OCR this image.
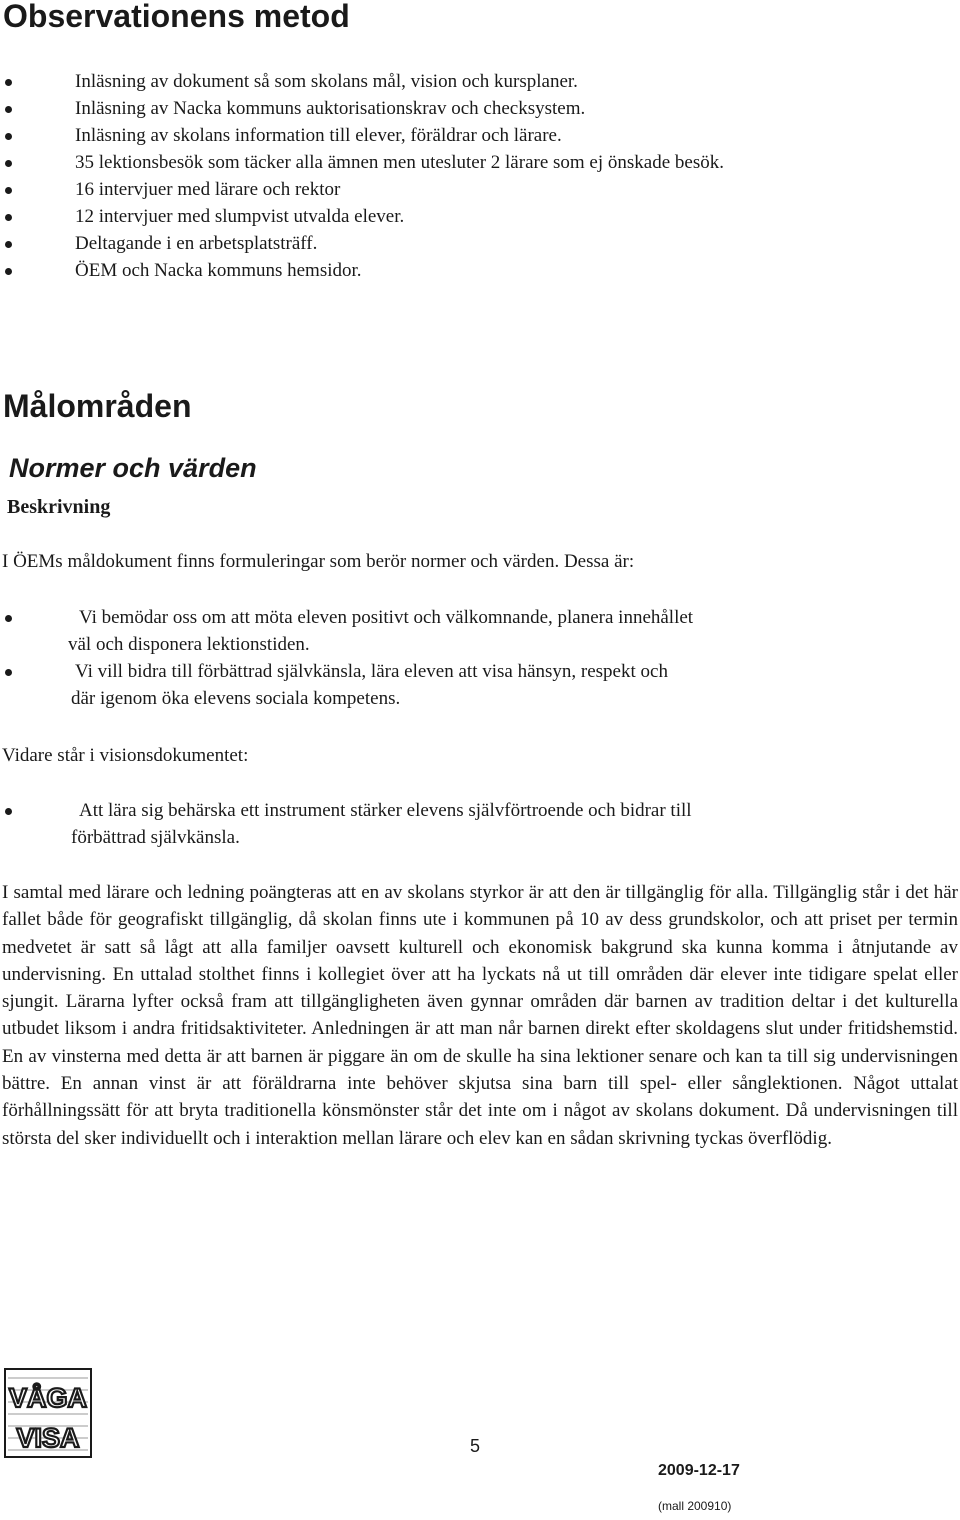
Observationens metod
Inläsning av dokument så som skolans mål, vision och kursplaner.
Inläsning av Nacka kommuns auktorisationskrav och checksystem.
Inläsning av skolans information till elever, föräldrar och lärare.
35 lektionsbesök som täcker alla ämnen men utesluter 2 lärare som ej önskade besök.
16 intervjuer med lärare och rektor
12 intervjuer med slumpvist utvalda elever.
Deltagande i en arbetsplatsträff.
ÖEM och Nacka kommuns hemsidor.
Målområden
Normer och värden
Beskrivning

I ÖEMs måldokument finns formuleringar som berör normer och värden. Dessa är:

Vi bemödar oss om att möta eleven positivt och välkomnande, planera innehållet
väl och disponera lektionstiden.
Vi vill bidra till förbättrad självkänsla, lära eleven att visa hänsyn, respekt och
där igenom öka elevens sociala kompetens.

Vidare står i visionsdokumentet:

Att lära sig behärska ett instrument stärker elevens självförtroende och bidrar till
förbättrad självkänsla.

I samtal med lärare och ledning poängteras att en av skolans styrkor är att den är tillgänglig för alla. Tillgänglig står i det här fallet både för geografiskt tillgänglig, då skolan finns ute i kommunen på 10 av dess grundskolor, och att priset per termin medvetet är satt så lågt att alla familjer oavsett kulturell och ekonomisk bakgrund ska kunna komma i åtnjutande av undervisning. En uttalad stolthet finns i kollegiet över att ha lyckats nå ut till områden där elever inte tidigare spelat eller sjungit. Lärarna lyfter också fram att tillgängligheten även gynnar områden där barnen av tradition deltar i det kulturella utbudet liksom i andra fritidsaktiviteter. Anledningen är att man når barnen direkt efter skoldagens slut under fritidshemstid. En av vinsterna med detta är att barnen är piggare än om de skulle ha sina lektioner senare och kan ta till sig undervisningen bättre. En annan vinst är att föräldrarna inte behöver skjutsa sina barn till spel- eller sånglektionen. Något uttalat förhållningssätt för att bryta traditionella könsmönster står det inte om i något av skolans dokument. Då undervisningen till största del sker individuellt och i interaktion mellan lärare och elev kan en sådan skrivning tyckas överflödig.

VÅGA
VISA	5
2009-12-17
(mall 200910)
